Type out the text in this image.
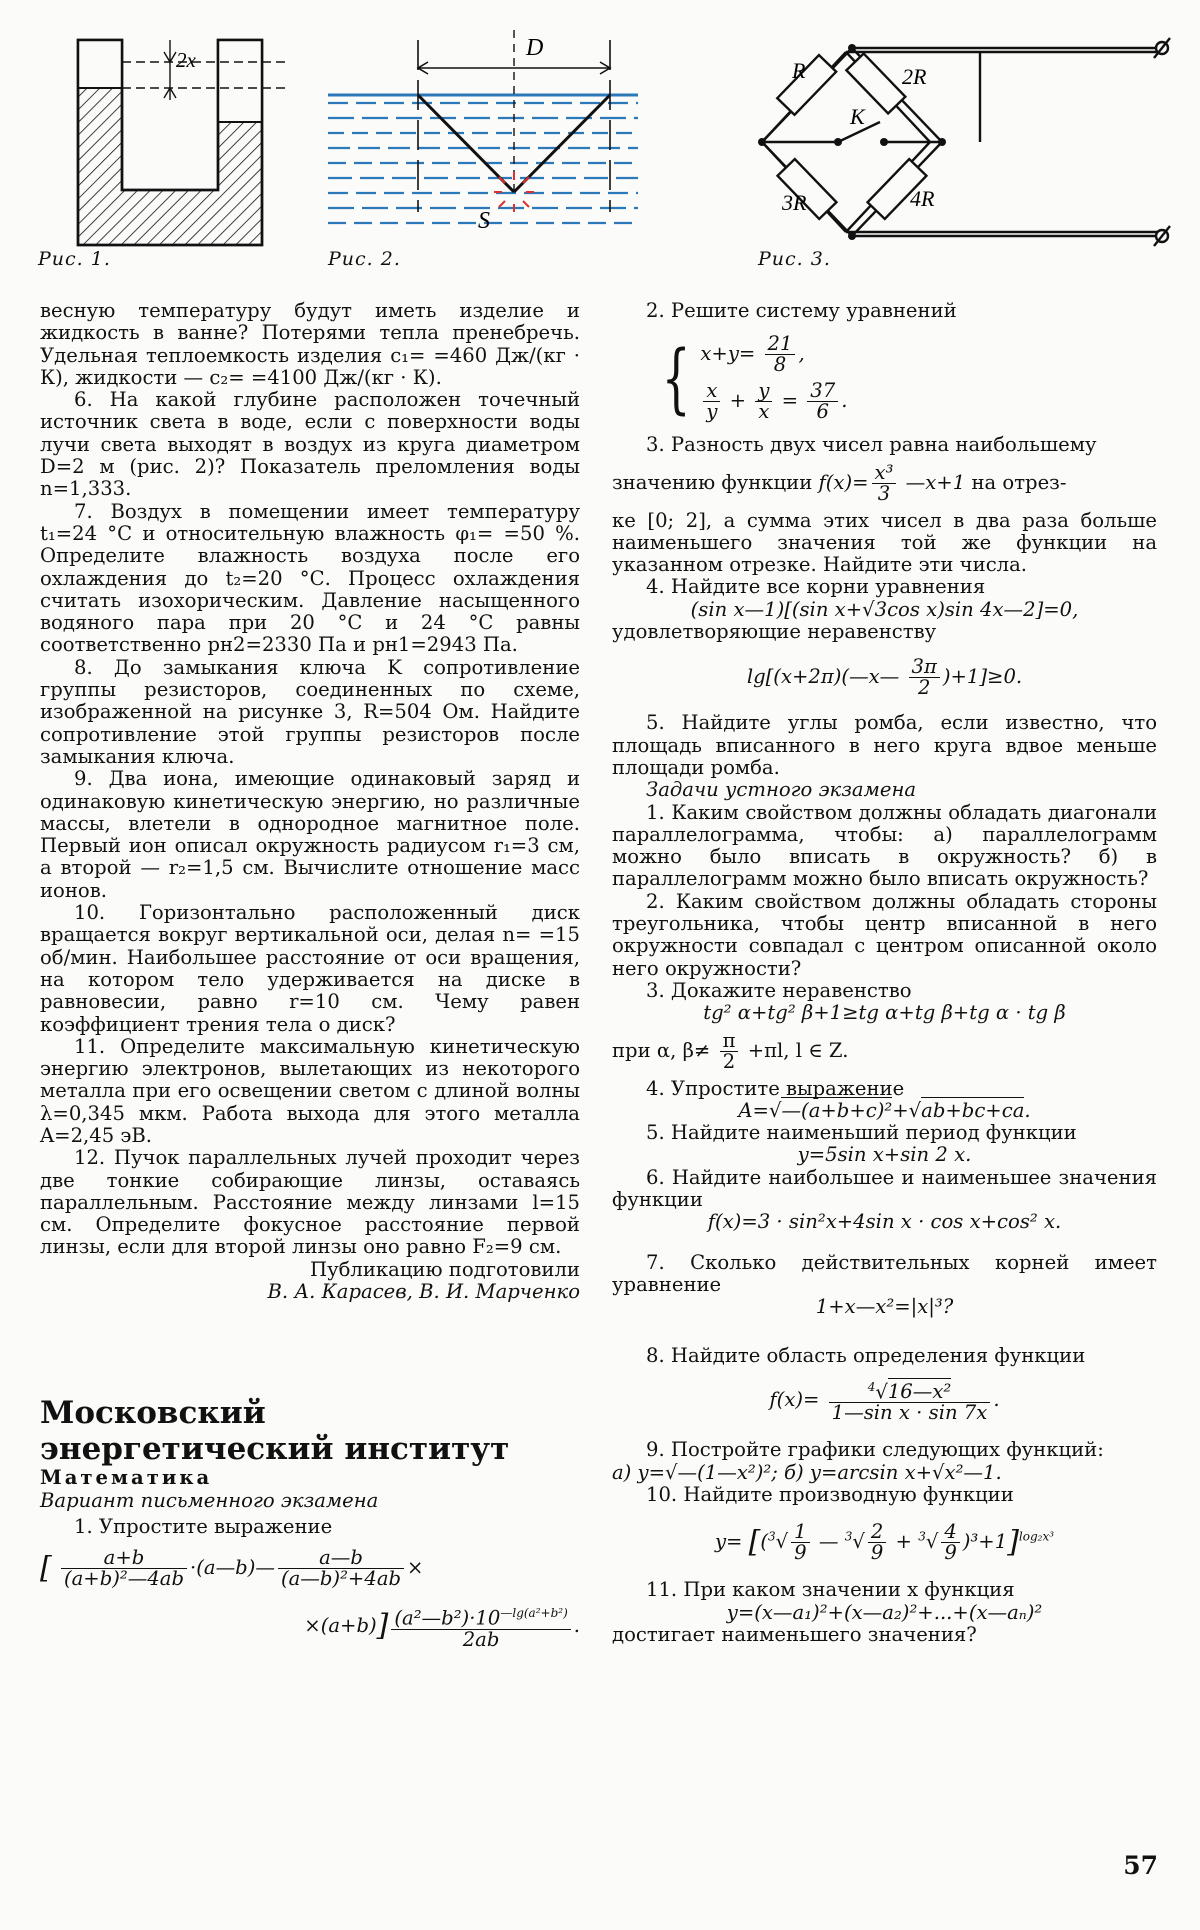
2x
Рис. 1.
D
S
Рис. 2.
R	2R
K
3R	4R
Рис. 3.

весную температуру будут иметь изделие и жидкость в ванне? Потерями тепла пренебречь. Удельная теплоемкость изделия c₁= =460 Дж/(кг · К), жидкости — c₂= =4100 Дж/(кг · К).

6. На какой глубине расположен точечный источник света в воде, если с поверхности воды лучи света выходят в воздух из круга диаметром D=2 м (рис. 2)? Показатель преломления воды n=1,333.

7. Воздух в помещении имеет температуру t₁=24 °С и относительную влажность φ₁= =50 %. Определите влажность воздуха после его охлаждения до t₂=20 °С. Процесс охлаждения считать изохорическим. Давление насыщенного водяного пара при 20 °С и 24 °С равны соответственно pн2=2330 Па и pн1=2943 Па.

8. До замыкания ключа K сопротивление группы резисторов, соединенных по схеме, изображенной на рисунке 3, R=504 Ом. Найдите сопротивление этой группы резисторов после замыкания ключа.

9. Два иона, имеющие одинаковый заряд и одинаковую кинетическую энергию, но различные массы, влетели в однородное магнитное поле. Первый ион описал окружность радиусом r₁=3 см, а второй — r₂=1,5 см. Вычислите отношение масс ионов.

10. Горизонтально расположенный диск вращается вокруг вертикальной оси, делая n= =15 об/мин. Наибольшее расстояние от оси вращения, на котором тело удерживается на диске в равновесии, равно r=10 см. Чему равен коэффициент трения тела о диск?

11. Определите максимальную кинетическую энергию электронов, вылетающих из некоторого металла при его освещении светом с длиной волны λ=0,345 мкм. Работа выхода для этого металла A=2,45 эВ.

12. Пучок параллельных лучей проходит через две тонкие собирающие линзы, оставаясь параллельным. Расстояние между линзами l=15 см. Определите фокусное расстояние первой линзы, если для второй линзы оно равно F₂=9 см.

Публикацию подготовили

В. А. Карасев, В. И. Марченко

Московский
энергетический институт

Математика

Вариант письменного экзамена

1. Упростите выражение

[ $\frac{a+b}{\text{(a+b)²—4ab}}$ ·(a—b)— $\frac{a—b}{\text{(a—b)²+4ab}}$ ×
$\times(a+b)] \frac{(a^2—b^2)\cdot 10^{—lg(a^2+b^2)}}{2ab}$ .

2. Решите систему уравнений

{ $x+y= \frac{21}{8}$ ,
$\frac{x}{y} + \frac{y}{x} = \frac{37}{6}$ .

3. Разность двух чисел равна наибольшему

значению функции $f(x)= \frac{\text{x³}}{3}$ —x+1 на отрез-

ке [0; 2], а сумма этих чисел в два раза больше наименьшего значения той же функции на указанном отрезке. Найдите эти числа.

4. Найдите все корни уравнения

(sin x—1)[(sin x+√3cos x)sin 4x—2]=0,

удовлетворяющие неравенству

lg[(x+2π)(—x— $\frac{3\pi}{2} )+1]\ge 0$.

5. Найдите углы ромба, если известно, что площадь вписанного в него круга вдвое меньше площади ромба.

Задачи устного экзамена

1. Каким свойством должны обладать диагонали параллелограмма, чтобы: а) параллелограмм можно было вписать в окружность? б) в параллелограмм можно было вписать окружность?

2. Каким свойством должны обладать стороны треугольника, чтобы центр вписанной в него окружности совпадал с центром описанной около него окружности?

3. Докажите неравенство

tg² α+tg² β+1≥tg α+tg β+tg α · tg β

при α, $\beta\ne \frac{\pi}{2} +\pi l$, l ∈ Z.

4. Упростите выражение

A=√—(a+b+c)²+√ab+bc+ca.

5. Найдите наименьший период функции

y=5sin x+sin 2 x.

6. Найдите наибольшее и наименьшее значения функции

f(x)=3 · sin²x+4sin x · cos x+cos² x.

7. Сколько действительных корней имеет уравнение

1+x—x²=|x|³?

8. Найдите область определения функции

$f(x)= \frac{^4√16—x^2}{\text{1—sin x · sin 7x}}$ .

9. Постройте графики следующих функций:

а) y=√—(1—x²)²; б) y=arcsin x+√x²—1.

10. Найдите производную функции

$y= [(^3√ \frac{1}{9}$ — $^3√ \frac{2}{9} + ^3√ \frac{4}{9} )^3+1]^{log_2x^3}$

11. При каком значении x функция

y=(x—a₁)²+(x—a₂)²+...+(x—aₙ)²

достигает наименьшего значения?

57
